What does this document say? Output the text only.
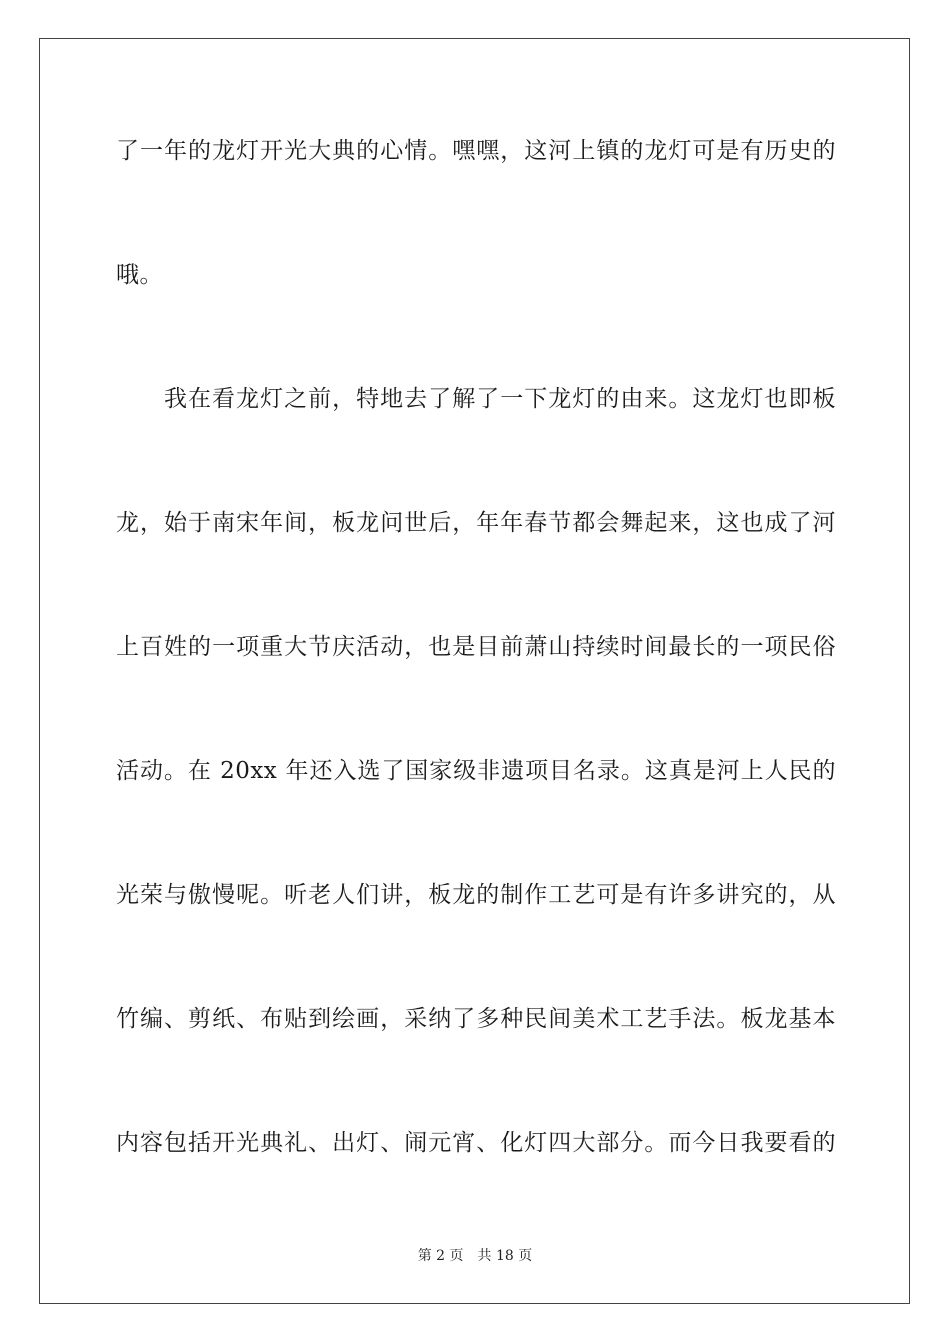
了一年的龙灯开光大典的心情。嘿嘿，这河上镇的龙灯可是有历史的
哦。
我在看龙灯之前，特地去了解了一下龙灯的由来。这龙灯也即板
龙，始于南宋年间，板龙问世后，年年春节都会舞起来，这也成了河
上百姓的一项重大节庆活动，也是目前萧山持续时间最长的一项民俗
活动。在 20xx 年还入选了国家级非遗项目名录。这真是河上人民的
光荣与傲慢呢。听老人们讲，板龙的制作工艺可是有许多讲究的，从
竹编、剪纸、布贴到绘画，采纳了多种民间美术工艺手法。板龙基本
内容包括开光典礼、出灯、闹元宵、化灯四大部分。而今日我要看的
第 2 页 共 18 页
